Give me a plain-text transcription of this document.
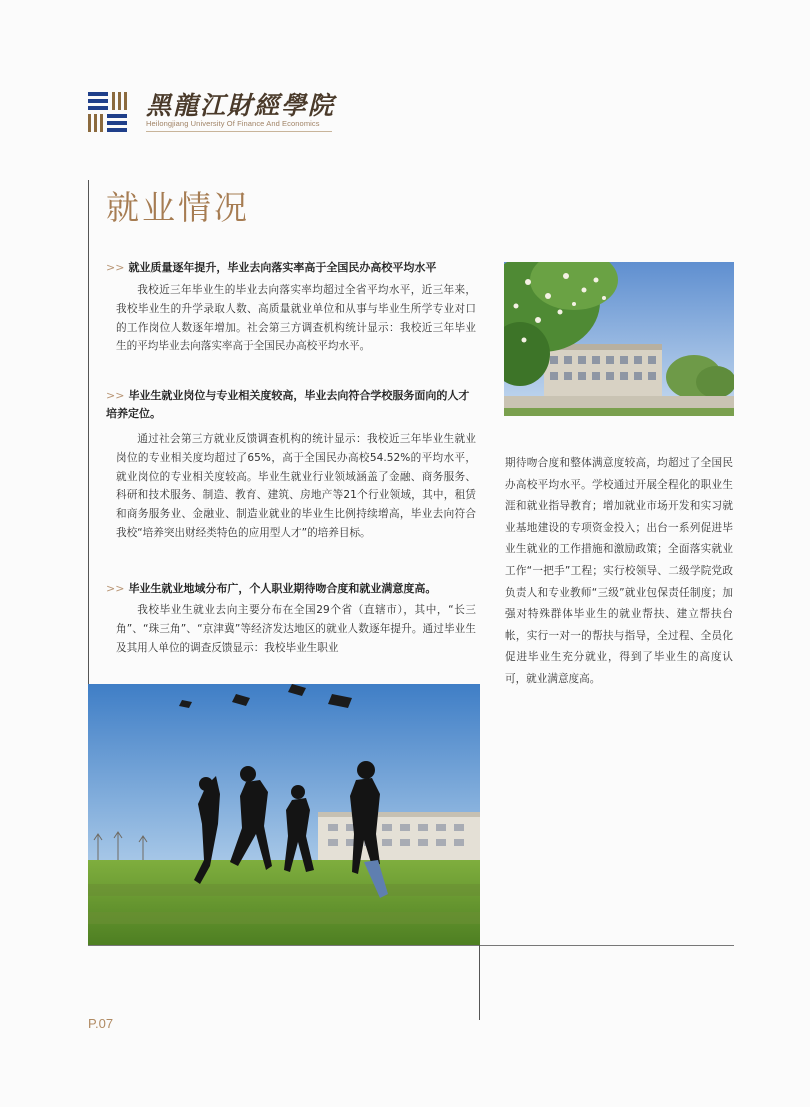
黑龍江財經學院
Heilongjiang University Of Finance And Economics
就业情况
>> 就业质量逐年提升，毕业去向落实率高于全国民办高校平均水平
我校近三年毕业生的毕业去向落实率均超过全省平均水平，近三年来，我校毕业生的升学录取人数、高质量就业单位和从事与毕业生所学专业对口的工作岗位人数逐年增加。社会第三方调查机构统计显示：我校近三年毕业生的平均毕业去向落实率高于全国民办高校平均水平。
>> 毕业生就业岗位与专业相关度较高，毕业去向符合学校服务面向的人才培养定位。
通过社会第三方就业反馈调查机构的统计显示：我校近三年毕业生就业岗位的专业相关度均超过了65%，高于全国民办高校54.52%的平均水平，就业岗位的专业相关度较高。毕业生就业行业领域涵盖了金融、商务服务、科研和技术服务、制造、教育、建筑、房地产等21个行业领域，其中，租赁和商务服务业、金融业、制造业就业的毕业生比例持续增高，毕业去向符合我校“培养突出财经类特色的应用型人才”的培养目标。
>> 毕业生就业地域分布广，个人职业期待吻合度和就业满意度高。
我校毕业生就业去向主要分布在全国29个省（直辖市），其中，“长三角”、“珠三角”、“京津冀”等经济发达地区的就业人数逐年提升。通过毕业生及其用人单位的调查反馈显示：我校毕业生职业
期待吻合度和整体满意度较高，均超过了全国民办高校平均水平。学校通过开展全程化的职业生涯和就业指导教育；增加就业市场开发和实习就业基地建设的专项资金投入；出台一系列促进毕业生就业的工作措施和激励政策；全面落实就业工作“一把手”工程；实行校领导、二级学院党政负责人和专业教师“三级”就业包保责任制度；加强对特殊群体毕业生的就业帮扶、建立帮扶台帐，实行一对一的帮扶与指导，全过程、全员化促进毕业生充分就业，得到了毕业生的高度认可，就业满意度高。
P.07
